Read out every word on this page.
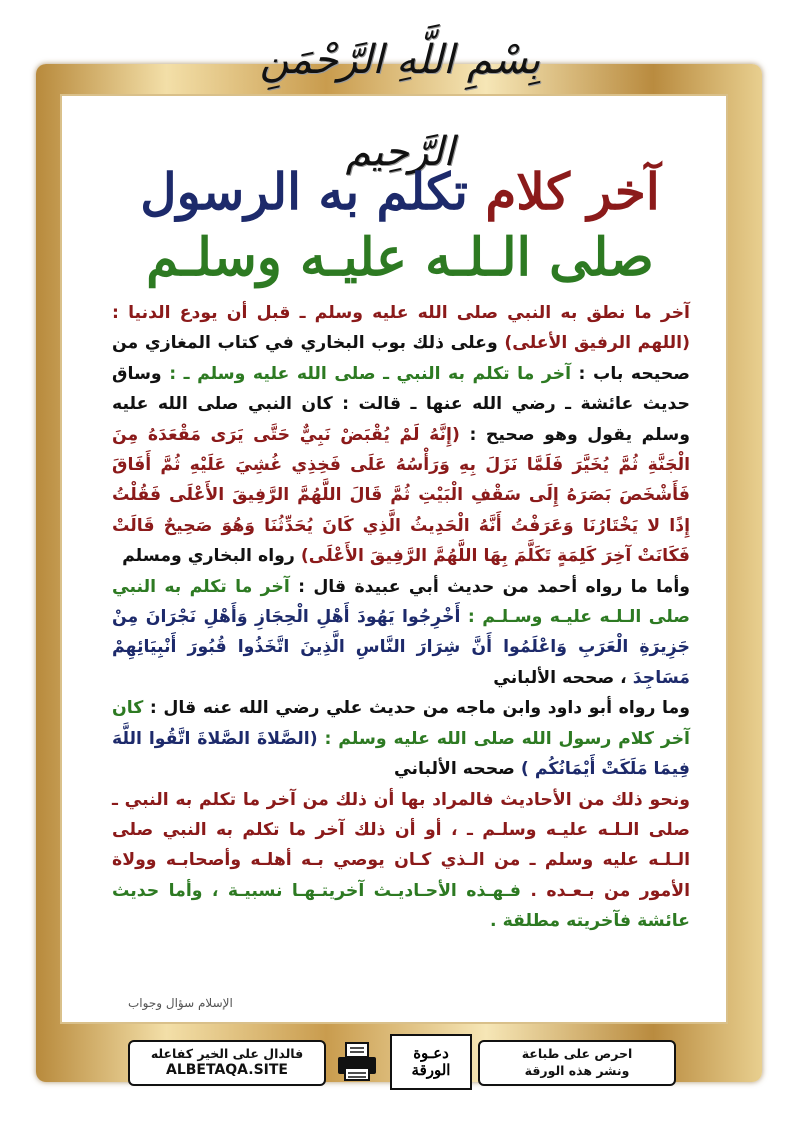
بِسْمِ اللَّهِ الرَّحْمَنِ الرَّحِيم
آخر كلام تكلم به الرسول
صلى الـلـه عليـه وسلـم

آخر ما نطق به النبي صلى الله عليه وسلم ـ قبل أن يودع الدنيا : (اللهم الرفيق الأعلى) وعلى ذلك بوب البخاري في كتاب المغازي من صحيحه باب : آخر ما تكلم به النبي ـ صلى الله عليه وسلم ـ : وساق حديث عائشة ـ رضي الله عنها ـ قالت : كان النبي صلى الله عليه وسلم يقول وهو صحيح : (إِنَّهُ لَمْ يُقْبَضْ نَبِيٌّ حَتَّى يَرَى مَقْعَدَهُ مِنَ الْجَنَّةِ ثُمَّ يُخَيَّرَ فَلَمَّا نَزَلَ بِهِ وَرَأْسُهُ عَلَى فَخِذِي غُشِيَ عَلَيْهِ ثُمَّ أَفَاقَ فَأَشْخَصَ بَصَرَهُ إِلَى سَقْفِ الْبَيْتِ ثُمَّ قَالَ اللَّهُمَّ الرَّفِيقَ الأَعْلَى فَقُلْتُ إِذًا لا يَخْتَارُنَا وَعَرَفْتُ أَنَّهُ الْحَدِيثُ الَّذِي كَانَ يُحَدِّثُنَا وَهُوَ صَحِيحٌ قَالَتْ فَكَانَتْ آخِرَ كَلِمَةٍ تَكَلَّمَ بِهَا اللَّهُمَّ الرَّفِيقَ الأَعْلَى) رواه البخاري ومسلم

وأما ما رواه أحمد من حديث أبي عبيدة قال : آخر ما تكلم به النبي صلى الـلـه عليـه وسـلـم : أَخْرِجُوا يَهُودَ أَهْلِ الْحِجَازِ وَأَهْلِ نَجْرَانَ مِنْ جَزِيرَةِ الْعَرَبِ وَاعْلَمُوا أَنَّ شِرَارَ النَّاسِ الَّذِينَ اتَّخَذُوا قُبُورَ أَنْبِيَائِهِمْ مَسَاجِدَ ، صححه الألباني

وما رواه أبو داود وابن ماجه من حديث علي رضي الله عنه قال : كان آخر كلام رسول الله صلى الله عليه وسلم : (الصَّلاةَ الصَّلاةَ اتَّقُوا اللَّهَ فِيمَا مَلَكَتْ أَيْمَانُكُم ) صححه الألباني

ونحو ذلك من الأحاديث فالمراد بها أن ذلك من آخر ما تكلم به النبي ـ صلى الـلـه عليـه وسلـم ـ ، أو أن ذلك آخر ما تكلم به النبي صلى الـلـه عليه وسلم ـ من الـذي كـان يوصي بـه أهلـه وأصحابـه وولاة الأمور من بـعـده . فـهـذه الأحـاديـث آخريتـهـا نسبيـة ، وأما حديث عائشة فآخريته مطلقة .

الإسلام سؤال وجواب
احرص على طباعة
ونشر هذه الورقة
دعـوة
الورقة
فالدال على الخير كفاعله
ALBETAQA.SITE
